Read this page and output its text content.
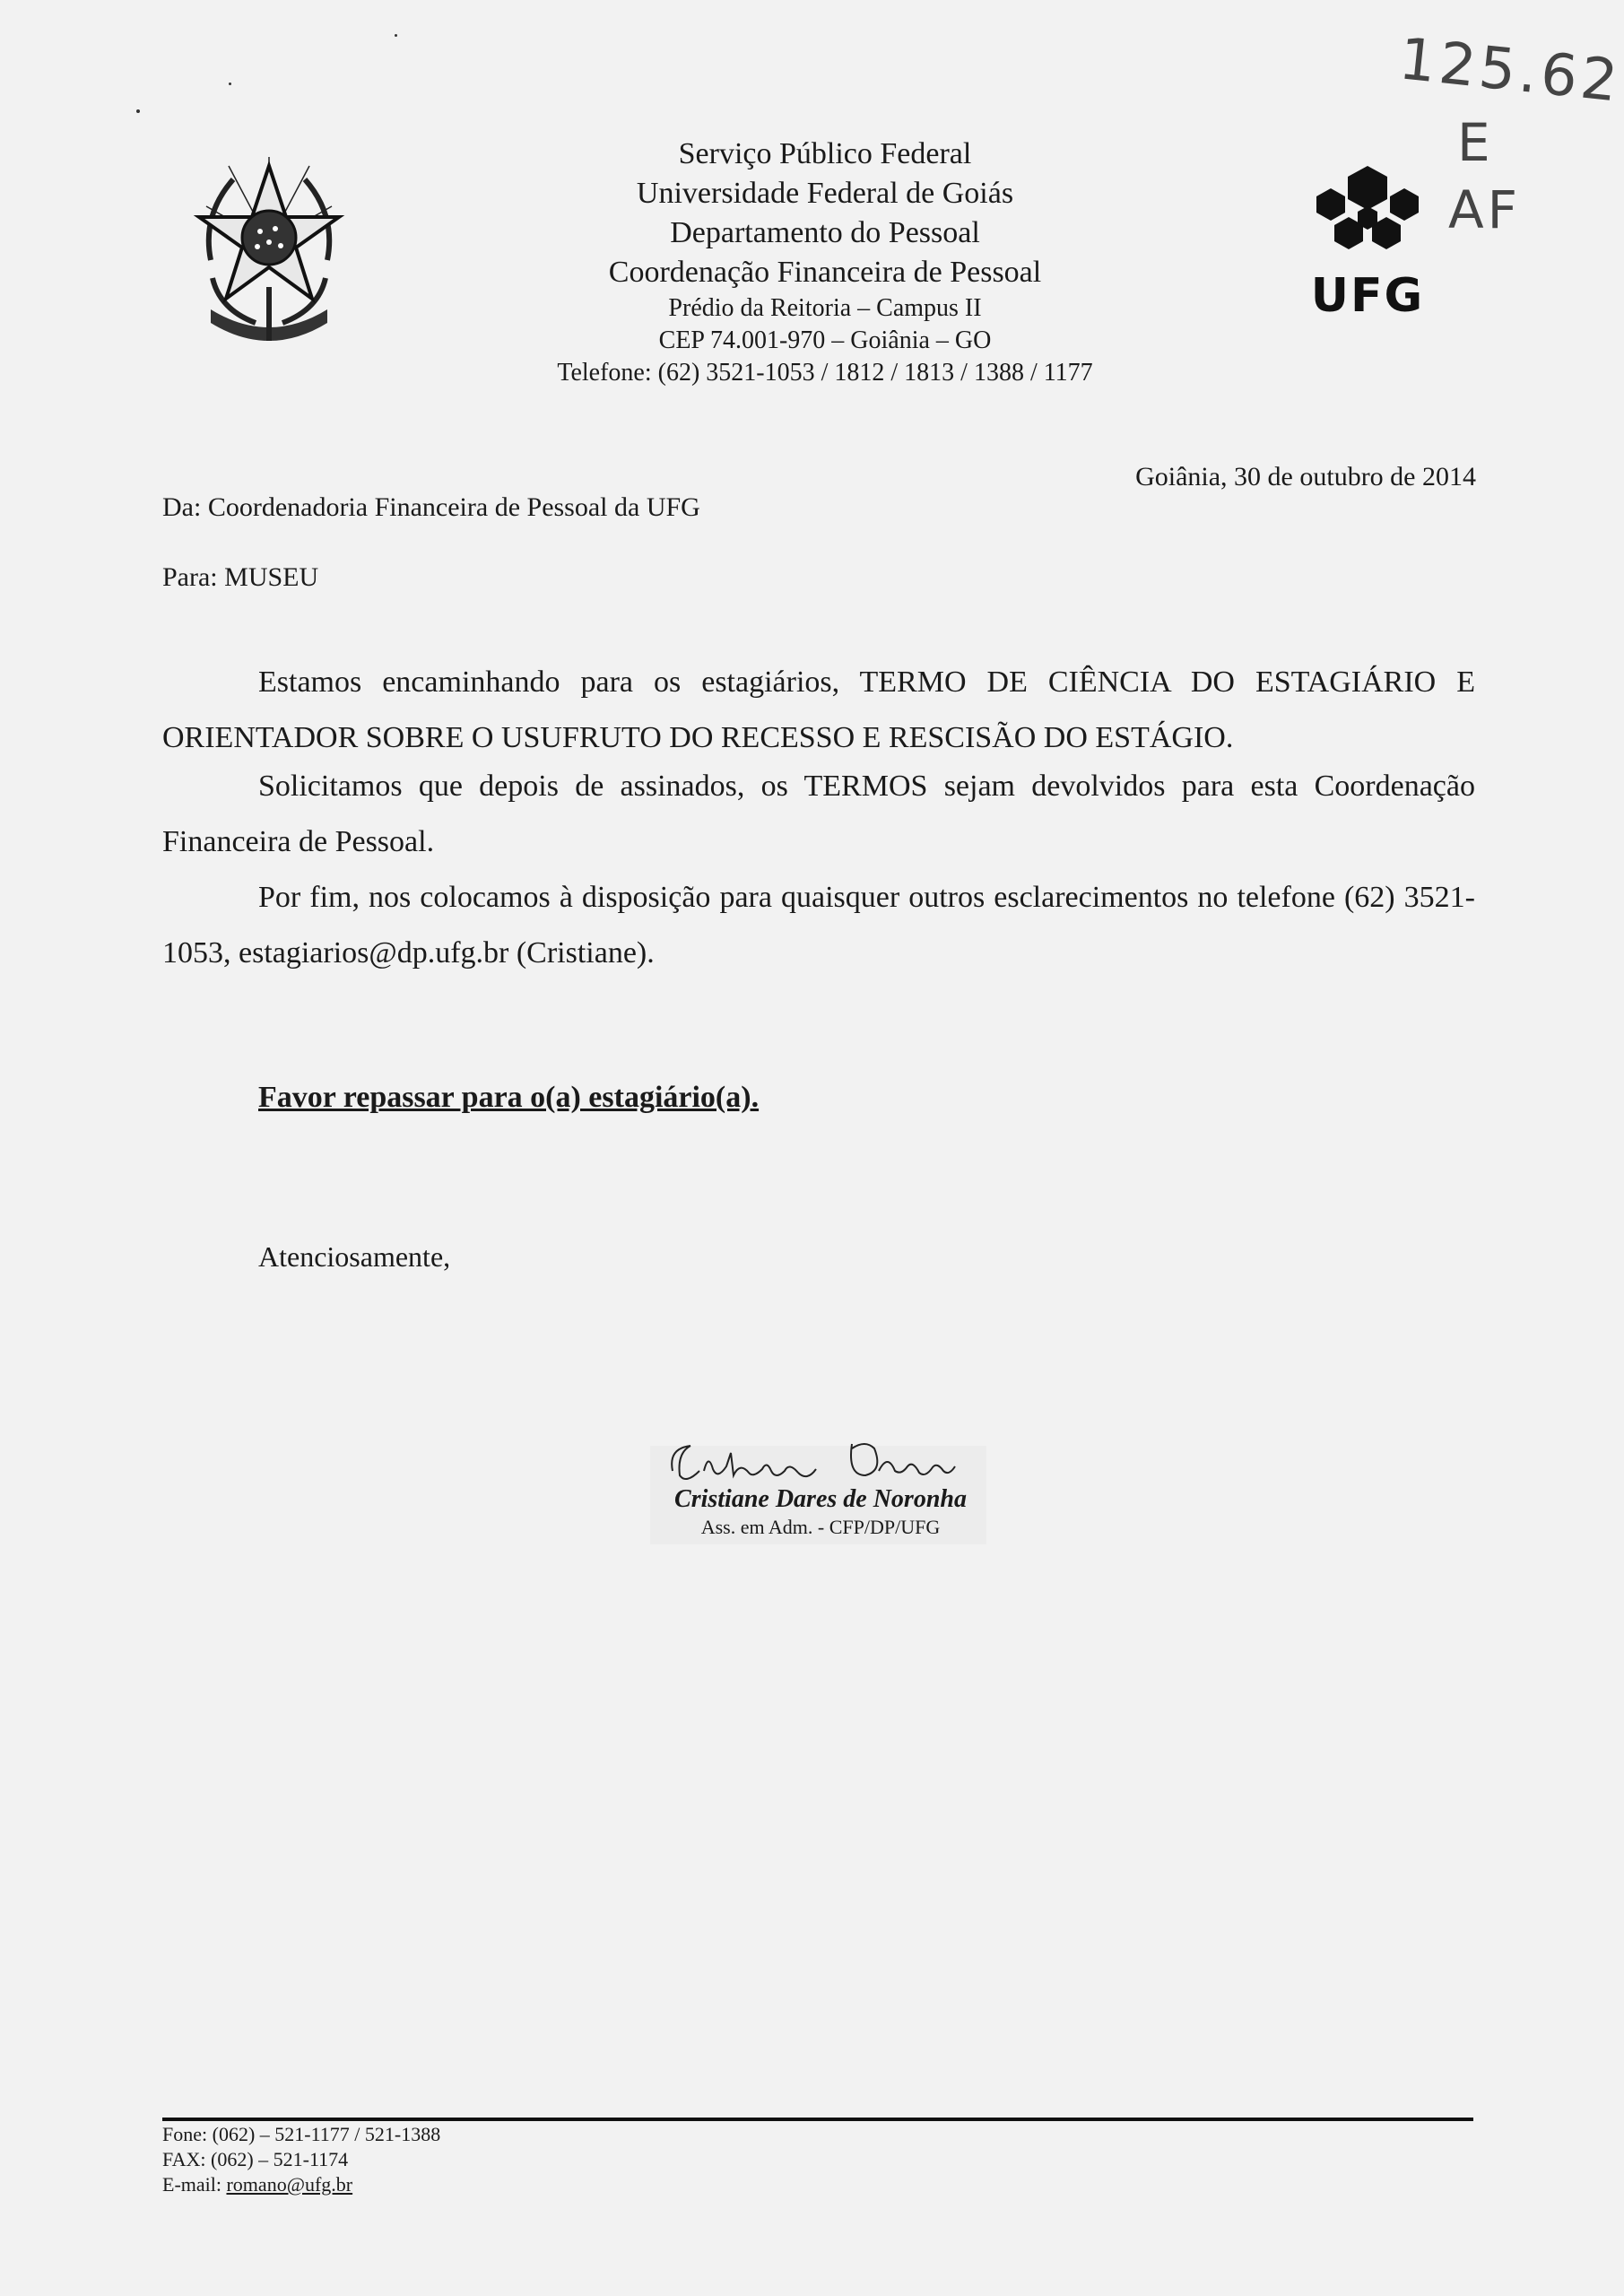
125.62
E
AF
Serviço Público Federal
Universidade Federal de Goiás
Departamento do Pessoal
Coordenação Financeira de Pessoal
Prédio da Reitoria – Campus II
CEP 74.001-970 – Goiânia – GO
Telefone: (62) 3521-1053 / 1812 / 1813 / 1388 / 1177
UFG
Goiânia, 30 de outubro de 2014
Da: Coordenadoria Financeira de Pessoal da UFG
Para: MUSEU
Estamos encaminhando para os estagiários, TERMO DE CIÊNCIA DO ESTAGIÁRIO E ORIENTADOR SOBRE O USUFRUTO DO RECESSO E RESCISÃO DO ESTÁGIO.
Solicitamos que depois de assinados, os TERMOS sejam devolvidos para esta Coordenação Financeira de Pessoal.
Por fim, nos colocamos à disposição para quaisquer outros esclarecimentos no telefone (62) 3521-1053, estagiarios@dp.ufg.br (Cristiane).
Favor repassar para o(a) estagiário(a).
Atenciosamente,
Cristiane Dares de Noronha
Ass. em Adm. - CFP/DP/UFG
Fone: (062) – 521-1177 / 521-1388
FAX: (062) – 521-1174
E-mail: romano@ufg.br
